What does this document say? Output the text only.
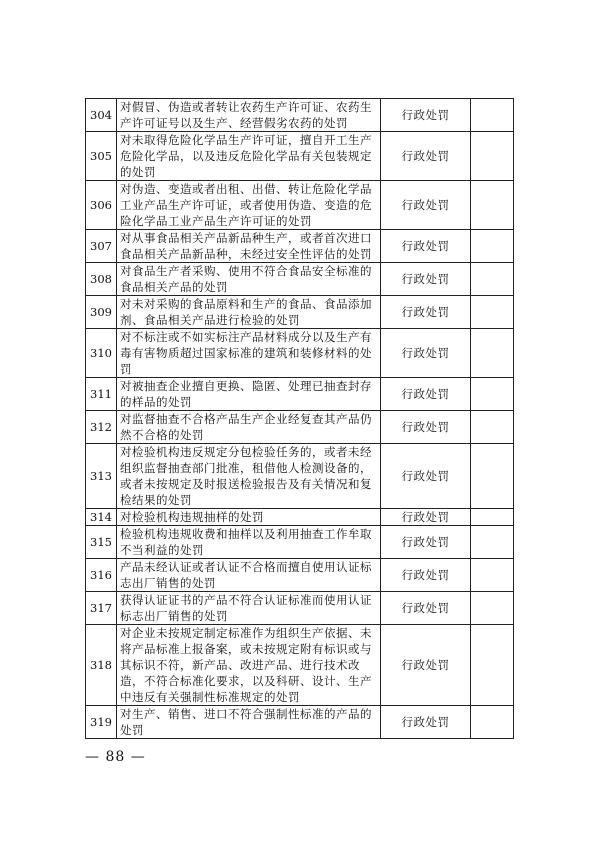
304	对假冒、伪造或者转让农药生产许可证、农药生产许可证号以及生产、经营假劣农药的处罚	行政处罚	
305	对未取得危险化学品生产许可证，擅自开工生产危险化学品，以及违反危险化学品有关包装规定的处罚	行政处罚	
306	对伪造、变造或者出租、出借、转让危险化学品工业产品生产许可证，或者使用伪造、变造的危险化学品工业产品生产许可证的处罚	行政处罚	
307	对从事食品相关产品新品种生产，或者首次进口食品相关产品新品种，未经过安全性评估的处罚	行政处罚	
308	对食品生产者采购、使用不符合食品安全标准的食品相关产品的处罚	行政处罚	
309	对未对采购的食品原料和生产的食品、食品添加剂、食品相关产品进行检验的处罚	行政处罚	
310	对不标注或不如实标注产品材料成分以及生产有毒有害物质超过国家标准的建筑和装修材料的处罚	行政处罚	
311	对被抽查企业擅自更换、隐匿、处理已抽查封存的样品的处罚	行政处罚	
312	对监督抽查不合格产品生产企业经复查其产品仍然不合格的处罚	行政处罚	
313	对检验机构违反规定分包检验任务的，或者未经组织监督抽查部门批准，租借他人检测设备的，或者未按规定及时报送检验报告及有关情况和复检结果的处罚	行政处罚	
314	对检验机构违规抽样的处罚	行政处罚	
315	检验机构违规收费和抽样以及利用抽查工作牟取不当利益的处罚	行政处罚	
316	产品未经认证或者认证不合格而擅自使用认证标志出厂销售的处罚	行政处罚	
317	获得认证证书的产品不符合认证标准而使用认证标志出厂销售的处罚	行政处罚	
318	对企业未按规定制定标准作为组织生产依据、未将产品标准上报备案，或未按规定附有标识或与其标识不符，新产品、改进产品、进行技术改造，不符合标准化要求，以及科研、设计、生产中违反有关强制性标准规定的处罚	行政处罚	
319	对生产、销售、进口不符合强制性标准的产品的处罚	行政处罚	
— 88 —
